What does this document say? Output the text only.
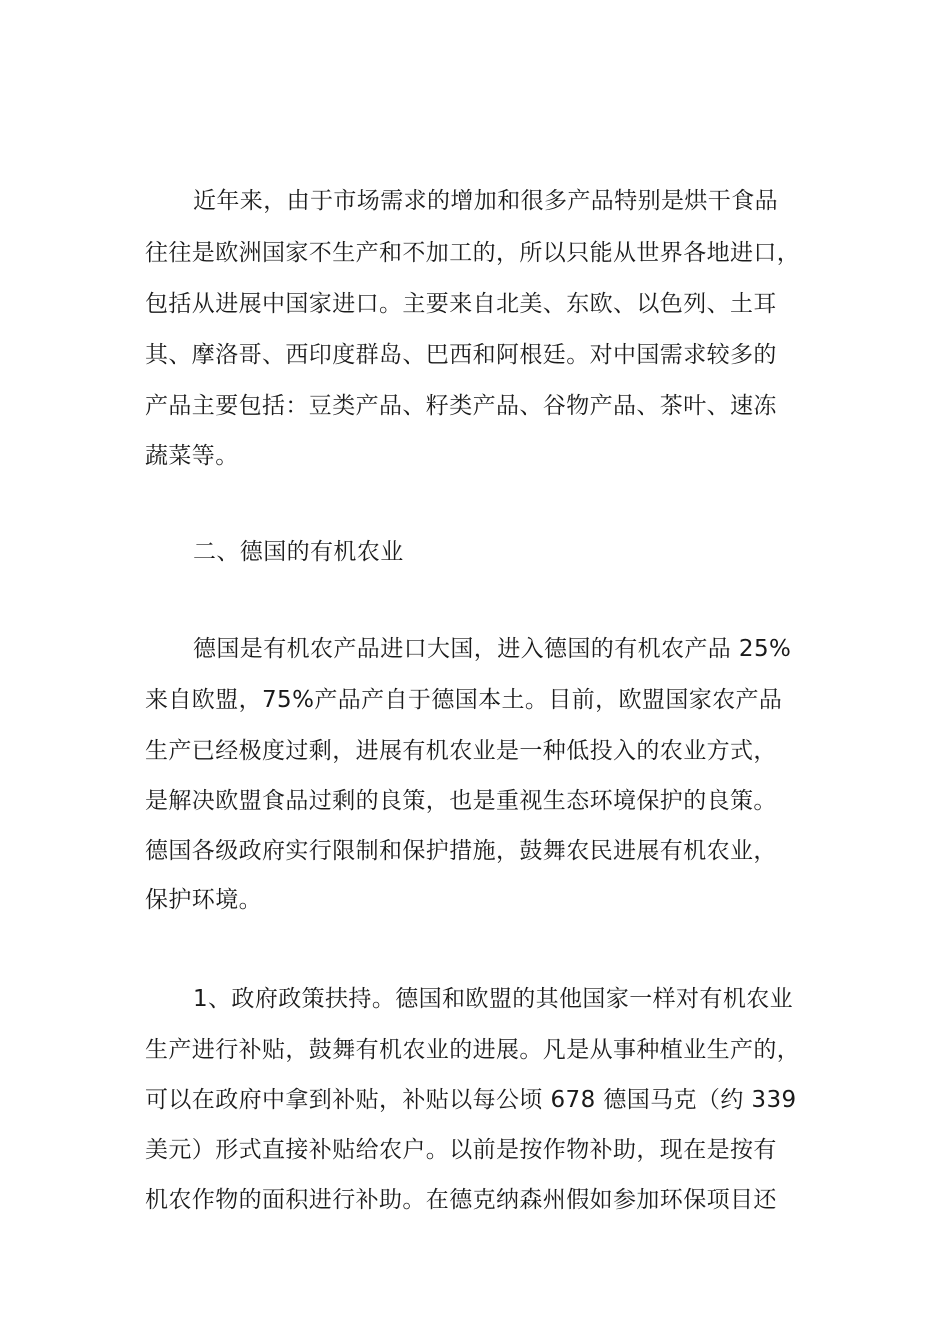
近年来，由于市场需求的增加和很多产品特别是烘干食品
往往是欧洲国家不生产和不加工的，所以只能从世界各地进口，
包括从进展中国家进口。主要来自北美、东欧、以色列、土耳
其、摩洛哥、西印度群岛、巴西和阿根廷。对中国需求较多的
产品主要包括：豆类产品、籽类产品、谷物产品、茶叶、速冻
蔬菜等。
二、德国的有机农业
德国是有机农产品进口大国，进入德国的有机农产品 25%
来自欧盟，75%产品产自于德国本土。目前，欧盟国家农产品
生产已经极度过剩，进展有机农业是一种低投入的农业方式，
是解决欧盟食品过剩的良策，也是重视生态环境保护的良策。
德国各级政府实行限制和保护措施，鼓舞农民进展有机农业，
保护环境。
1、政府政策扶持。德国和欧盟的其他国家一样对有机农业
生产进行补贴，鼓舞有机农业的进展。凡是从事种植业生产的，
可以在政府中拿到补贴，补贴以每公顷 678 德国马克（约 339
美元）形式直接补贴给农户。以前是按作物补助，现在是按有
机农作物的面积进行补助。在德克纳森州假如参加环保项目还
